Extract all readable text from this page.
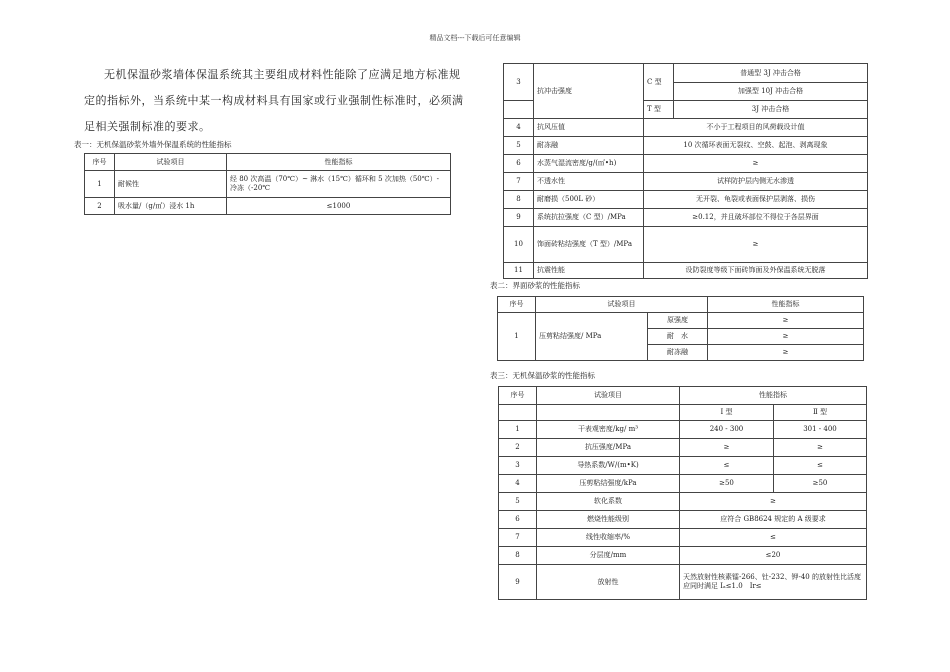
精品文档---下载后可任意编辑
无机保温砂浆墙体保温系统其主要组成材料性能除了应满足地方标准规定的指标外，当系统中某一构成材料具有国家或行业强制性标准时，必须满足相关强制标准的要求。
表一：无机保温砂浆外墙外保温系统的性能指标
序号	试验项目	性能指标
1	耐候性	经 80 次高温（70℃）~ 淋水（15℃）循环和 5 次加热（50℃）- 冷冻（-20℃
2	吸水量/（g/㎡）浸水 1h	≤1000
3	抗冲击强度	C 型	普通型 3J 冲击合格
			加强型 10J 冲击合格
		T 型	3J 冲击合格
4	抗风压值	不小于工程项目的风荷载设计值	
5	耐冻融	10 次循环表面无裂纹、空鼓、起泡、剥离现象	
6	水蒸气湿流密度/g/(㎡•h)	≥	
7	不透水性	试样防护层内侧无水渗透	
8	耐磨损（500L 砂）	无开裂、龟裂或表面保护层剥落、损伤	
9	系统抗拉强度（C 型）/MPa	≥0.12，并且破坏部位不得位于各层界面	
10	饰面砖粘结强度（T 型）/MPa	≥	
11	抗震性能	设防裂度等级下面砖饰面及外保温系统无脱落	
表二：界面砂浆的性能指标
序号	试验项目		性能指标
1	压剪粘结强度/ MPa	原强度	≥
		耐　水	≥
		耐冻融	≥
表三：无机保温砂浆的性能指标
序号	试验项目	性能指标	
		Ⅰ 型	Ⅱ 型
1	干表观密度/kg/ m³	240 - 300	301 - 400
2	抗压强度/MPa	≥	≥
3	导热系数/W/(m•K)	≤	≤
4	压剪粘结强度/kPa	≥50	≥50
5	软化系数	≥	
6	燃烧性能级别	应符合 GB8624 规定的 A 级要求	
7	线性收缩率/%	≤	
8	分层度/mm	≤20	
9	放射性	天然放射性核素镭-266、钍-232、钾-40 的放射性比活度应同时满足 Iₐ≤1.0　Ir≤	
